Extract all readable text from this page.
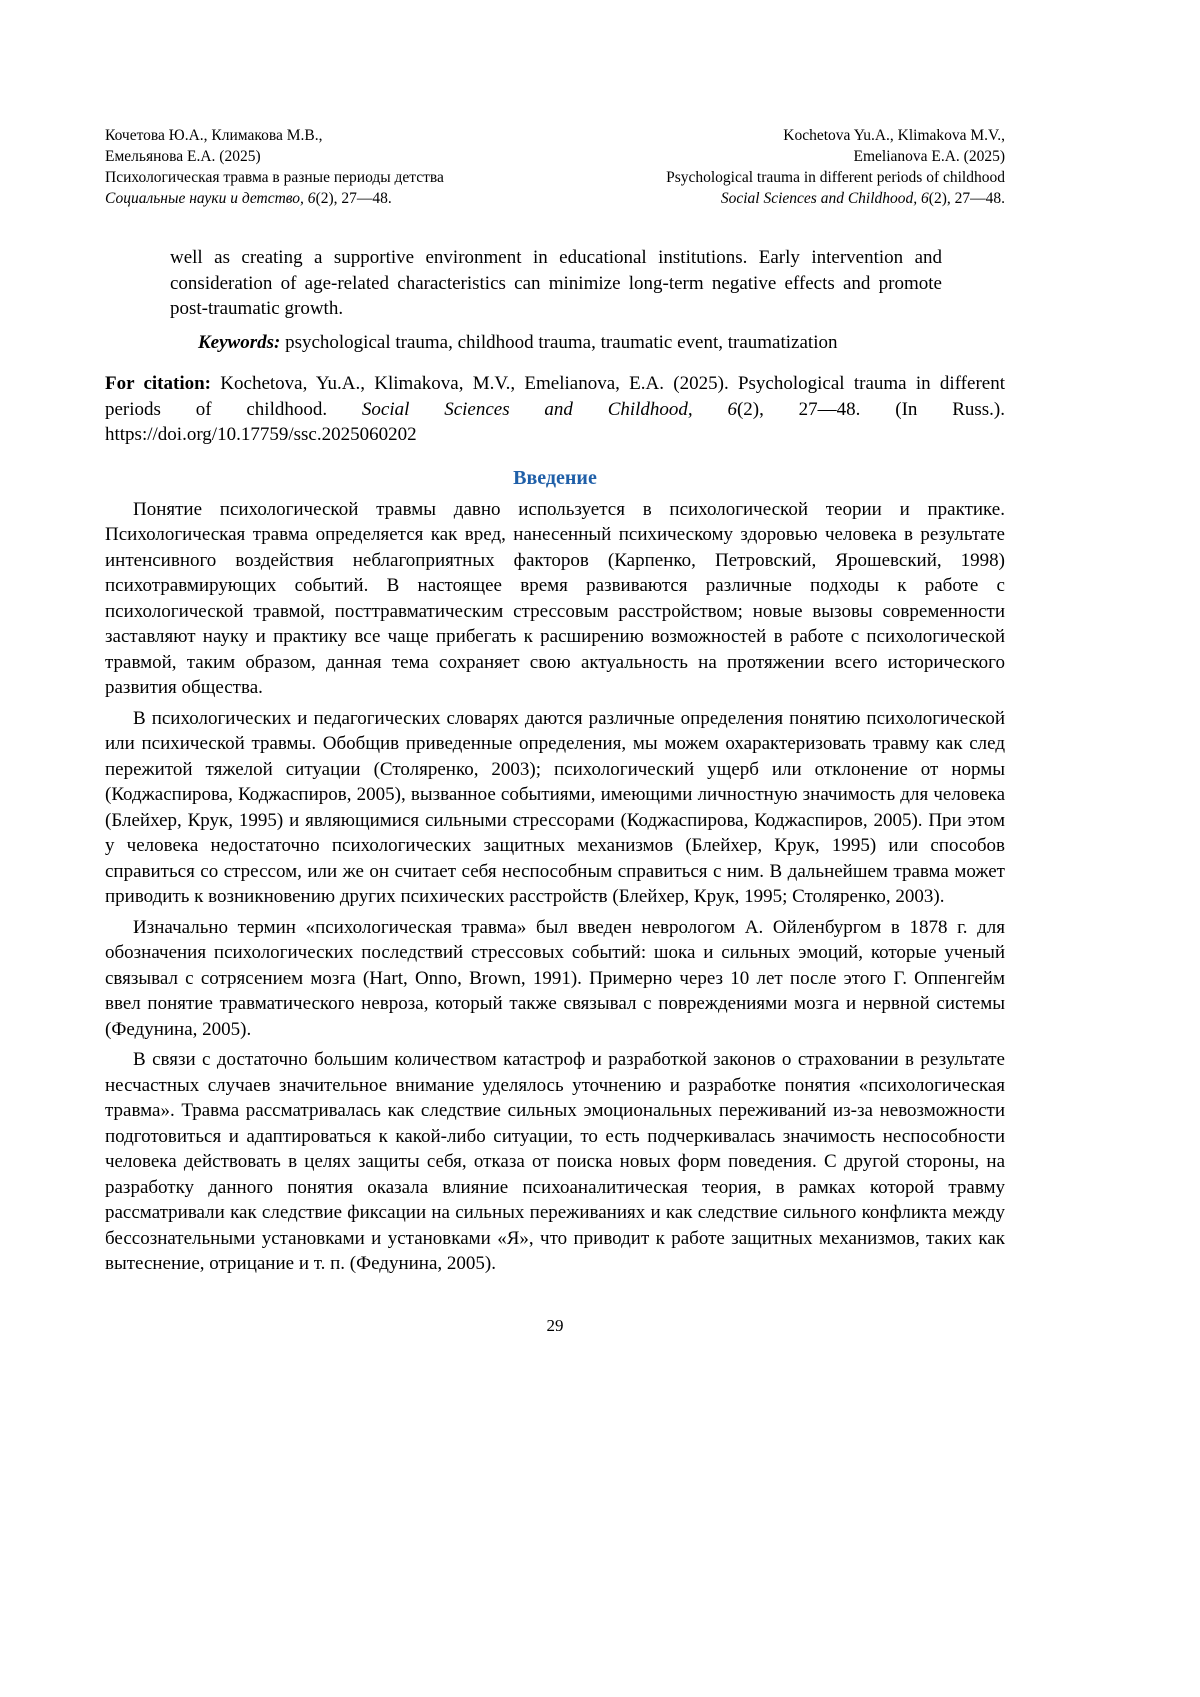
Кочетова Ю.А., Климакова М.В.,
Емельянова Е.А. (2025)
Психологическая травма в разные периоды детства
Социальные науки и детство, 6(2), 27—48.
Kochetova Yu.A., Klimakova M.V.,
Emelianova E.A. (2025)
Psychological trauma in different periods of childhood
Social Sciences and Childhood, 6(2), 27—48.

well as creating a supportive environment in educational institutions. Early intervention and consideration of age-related characteristics can minimize long-term negative effects and promote post-traumatic growth.

Keywords: psychological trauma, childhood trauma, traumatic event, traumatization

For citation: Kochetova, Yu.A., Klimakova, M.V., Emelianova, E.A. (2025). Psychological trauma in different periods of childhood. Social Sciences and Childhood, 6(2), 27—48. (In Russ.). https://doi.org/10.17759/ssc.2025060202

Введение

Понятие психологической травмы давно используется в психологической теории и практике. Психологическая травма определяется как вред, нанесенный психическому здоровью человека в результате интенсивного воздействия неблагоприятных факторов (Карпенко, Петровский, Ярошевский, 1998) психотравмирующих событий. В настоящее время развиваются различные подходы к работе с психологической травмой, посттравматическим стрессовым расстройством; новые вызовы современности заставляют науку и практику все чаще прибегать к расширению возможностей в работе с психологической травмой, таким образом, данная тема сохраняет свою актуальность на протяжении всего исторического развития общества.

В психологических и педагогических словарях даются различные определения понятию психологической или психической травмы. Обобщив приведенные определения, мы можем охарактеризовать травму как след пережитой тяжелой ситуации (Столяренко, 2003); психологический ущерб или отклонение от нормы (Коджаспирова, Коджаспиров, 2005), вызванное событиями, имеющими личностную значимость для человека (Блейхер, Крук, 1995) и являющимися сильными стрессорами (Коджаспирова, Коджаспиров, 2005). При этом у человека недостаточно психологических защитных механизмов (Блейхер, Крук, 1995) или способов справиться со стрессом, или же он считает себя неспособным справиться с ним. В дальнейшем травма может приводить к возникновению других психических расстройств (Блейхер, Крук, 1995; Столяренко, 2003).

Изначально термин «психологическая травма» был введен неврологом А. Ойленбургом в 1878 г. для обозначения психологических последствий стрессовых событий: шока и сильных эмоций, которые ученый связывал с сотрясением мозга (Hart, Onno, Brown, 1991). Примерно через 10 лет после этого Г. Оппенгейм ввел понятие травматического невроза, который также связывал с повреждениями мозга и нервной системы (Федунина, 2005).

В связи с достаточно большим количеством катастроф и разработкой законов о страховании в результате несчастных случаев значительное внимание уделялось уточнению и разработке понятия «психологическая травма». Травма рассматривалась как следствие сильных эмоциональных переживаний из-за невозможности подготовиться и адаптироваться к какой-либо ситуации, то есть подчеркивалась значимость неспособности человека действовать в целях защиты себя, отказа от поиска новых форм поведения. С другой стороны, на разработку данного понятия оказала влияние психоаналитическая теория, в рамках которой травму рассматривали как следствие фиксации на сильных переживаниях и как следствие сильного конфликта между бессознательными установками и установками «Я», что приводит к работе защитных механизмов, таких как вытеснение, отрицание и т. п. (Федунина, 2005).

29
